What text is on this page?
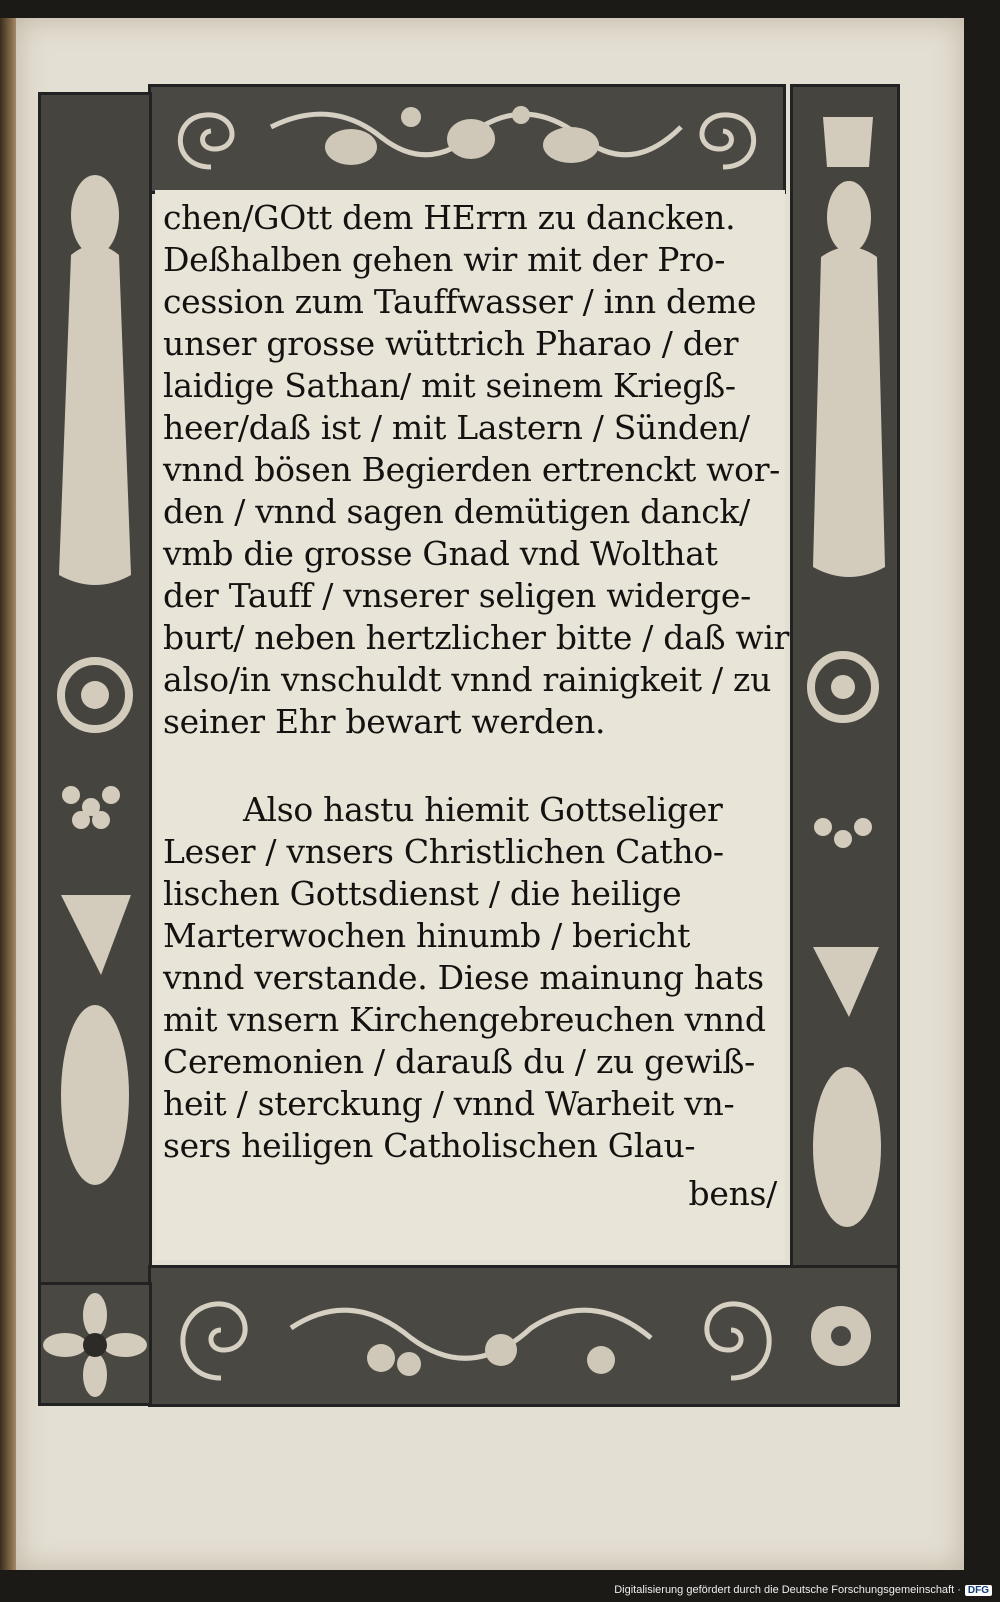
chen/GOtt dem HErrn zu dancken.
Deßhalben gehen wir mit der Pro-
cession zum Tauffwasser / inn deme
unser grosse wüttrich Pharao / der
laidige Sathan/ mit seinem Kriegß-
heer/daß ist / mit Lastern / Sünden/
vnnd bösen Begierden ertrenckt wor-
den / vnnd sagen demütigen danck/
vmb die grosse Gnad vnd Wolthat
der Tauff / vnserer seligen widerge-
burt/ neben hertzlicher bitte / daß wir
also/in vnschuldt vnnd rainigkeit / zu
seiner Ehr bewart werden.
Also hastu hiemit Gottseliger
Leser / vnsers Christlichen Catho-
lischen Gottsdienst / die heilige
Marterwochen hinumb / bericht
vnnd verstande. Diese mainung hats
mit vnsern Kirchengebreuchen vnnd
Ceremonien / darauß du / zu gewiß-
heit / sterckung / vnnd Warheit vn-
sers heiligen Catholischen Glau-
bens/
Digitalisierung gefördert durch die Deutsche Forschungsgemeinschaft · DFG
